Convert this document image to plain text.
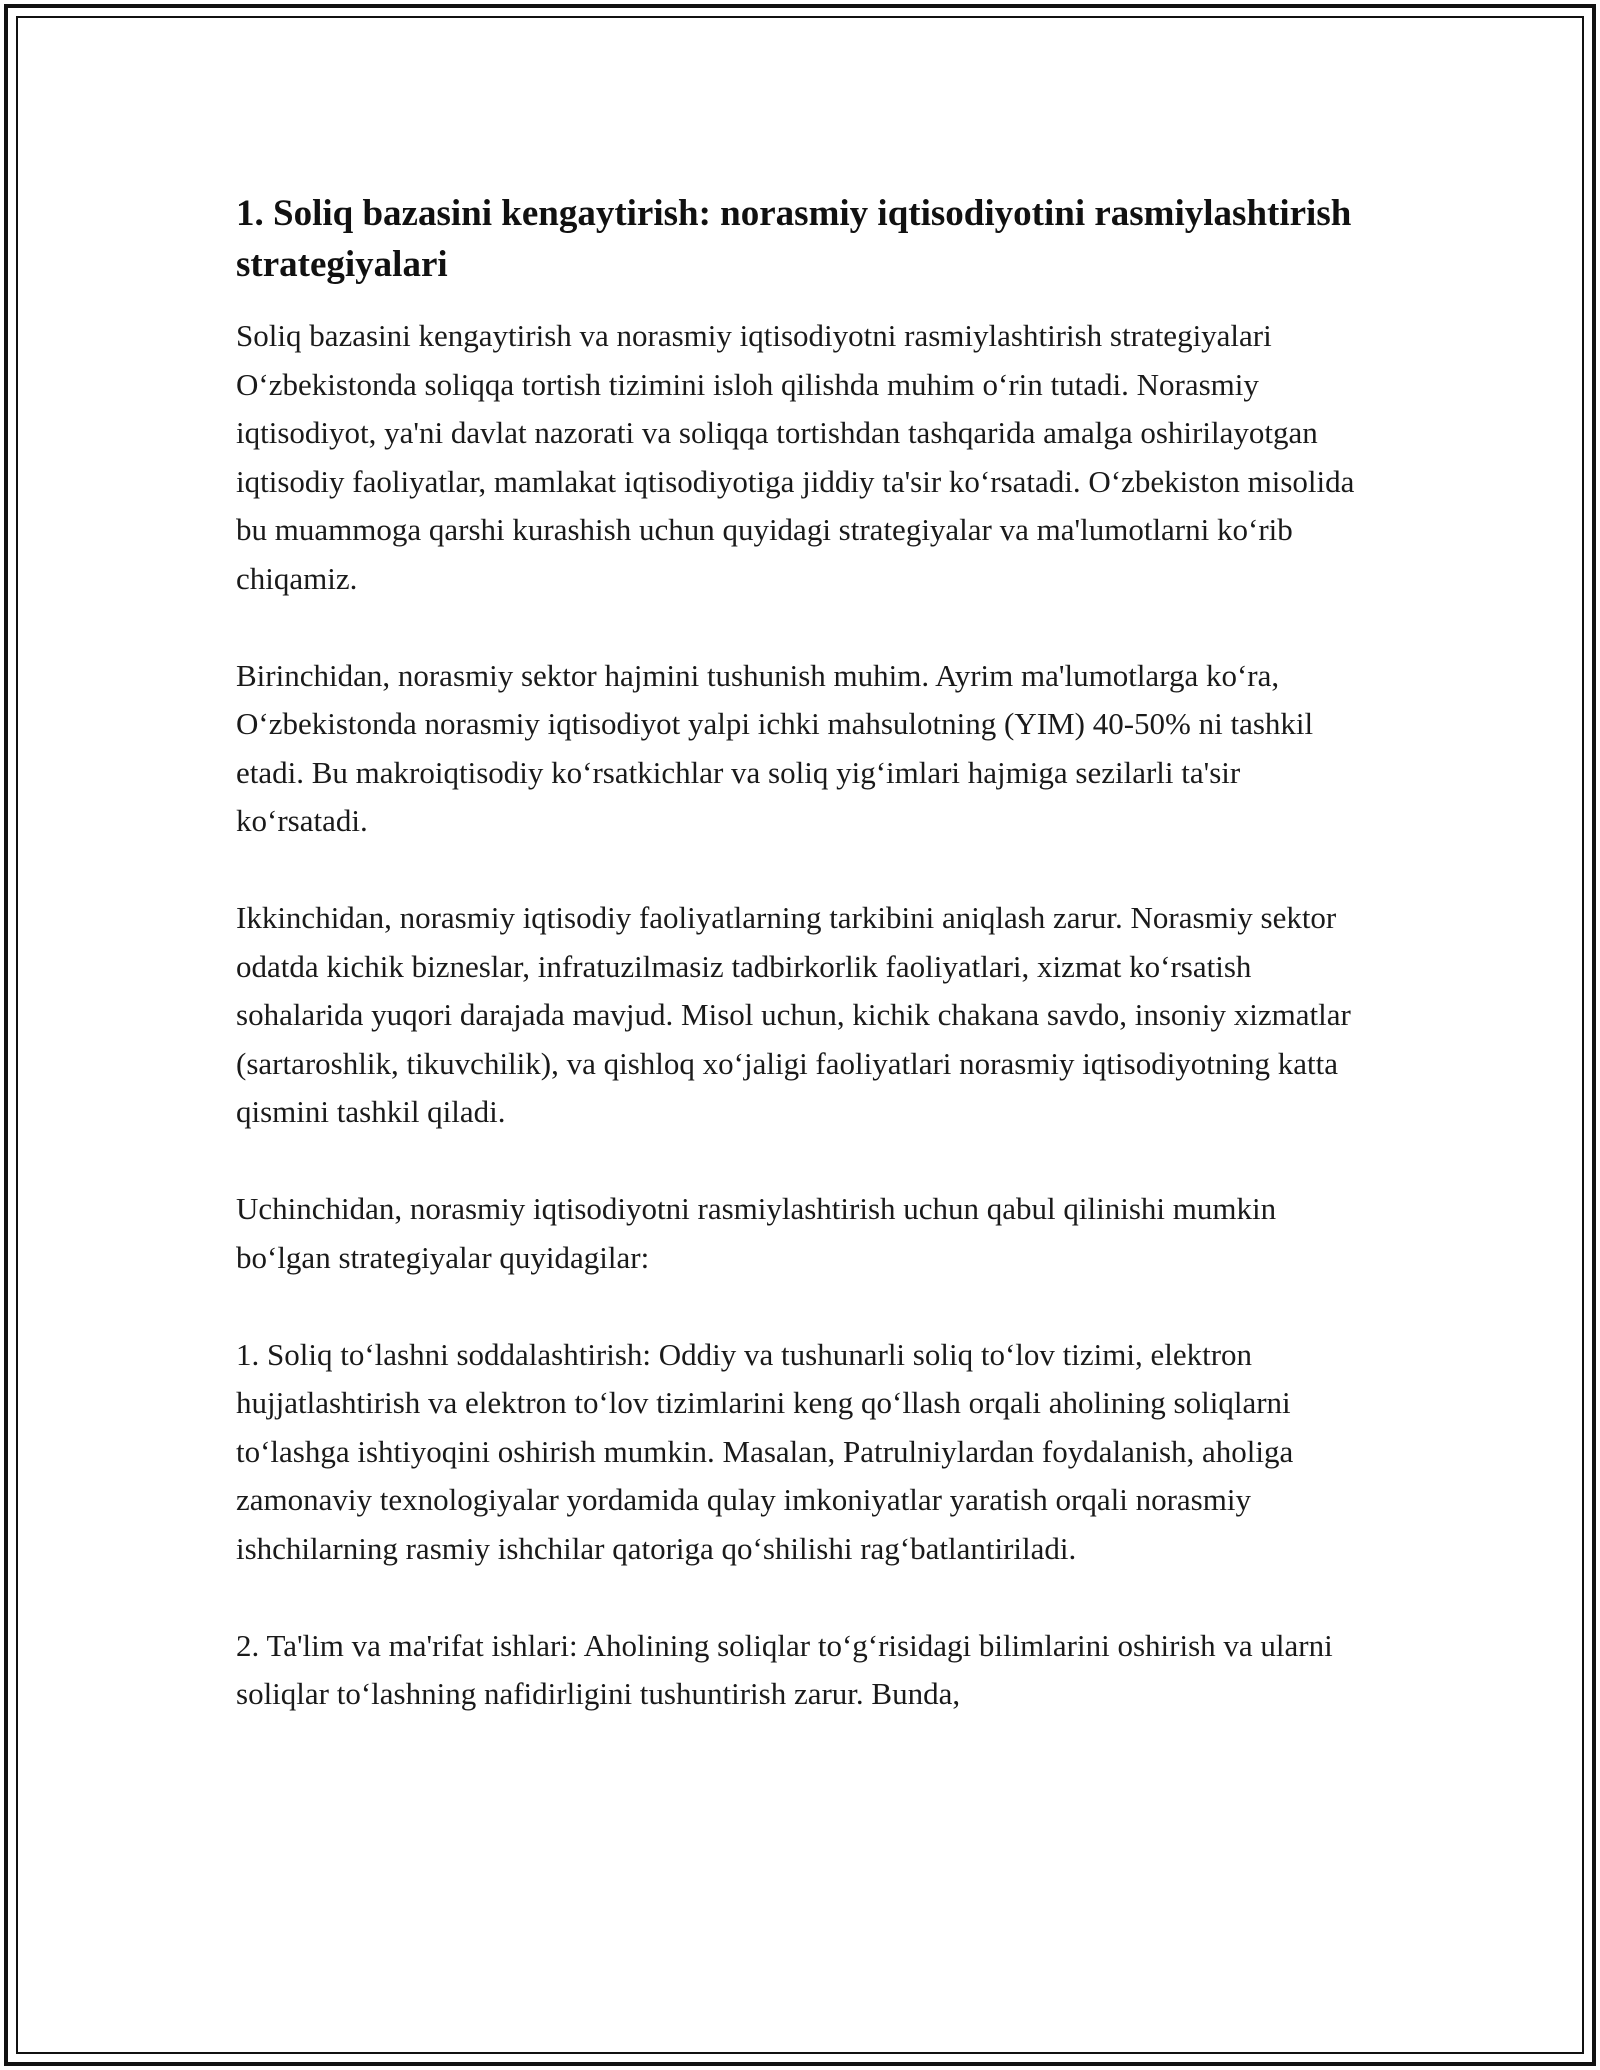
1. Soliq bazasini kengaytirish: norasmiy iqtisodiyotini rasmiylashtirish strategiyalari

Soliq bazasini kengaytirish va norasmiy iqtisodiyotni rasmiylashtirish strategiyalari O‘zbekistonda soliqqa tortish tizimini isloh qilishda muhim o‘rin tutadi. Norasmiy iqtisodiyot, ya'ni davlat nazorati va soliqqa tortishdan tashqarida amalga oshirilayotgan iqtisodiy faoliyatlar, mamlakat iqtisodiyotiga jiddiy ta'sir ko‘rsatadi. O‘zbekiston misolida bu muammoga qarshi kurashish uchun quyidagi strategiyalar va ma'lumotlarni ko‘rib chiqamiz.

Birinchidan, norasmiy sektor hajmini tushunish muhim. Ayrim ma'lumotlarga ko‘ra, O‘zbekistonda norasmiy iqtisodiyot yalpi ichki mahsulotning (YIM) 40-50% ni tashkil etadi. Bu makroiqtisodiy ko‘rsatkichlar va soliq yig‘imlari hajmiga sezilarli ta'sir ko‘rsatadi.

Ikkinchidan, norasmiy iqtisodiy faoliyatlarning tarkibini aniqlash zarur. Norasmiy sektor odatda kichik bizneslar, infratuzilmasiz tadbirkorlik faoliyatlari, xizmat ko‘rsatish sohalarida yuqori darajada mavjud. Misol uchun, kichik chakana savdo, insoniy xizmatlar (sartaroshlik, tikuvchilik), va qishloq xo‘jaligi faoliyatlari norasmiy iqtisodiyotning katta qismini tashkil qiladi.

Uchinchidan, norasmiy iqtisodiyotni rasmiylashtirish uchun qabul qilinishi mumkin bo‘lgan strategiyalar quyidagilar:

1. Soliq to‘lashni soddalashtirish: Oddiy va tushunarli soliq to‘lov tizimi, elektron hujjatlashtirish va elektron to‘lov tizimlarini keng qo‘llash orqali aholining soliqlarni to‘lashga ishtiyoqini oshirish mumkin. Masalan, Patrulniylardan foydalanish, aholiga zamonaviy texnologiyalar yordamida qulay imkoniyatlar yaratish orqali norasmiy ishchilarning rasmiy ishchilar qatoriga qo‘shilishi rag‘batlantiriladi.

2. Ta'lim va ma'rifat ishlari: Aholining soliqlar to‘g‘risidagi bilimlarini oshirish va ularni soliqlar to‘lashning nafidirligini tushuntirish zarur. Bunda,
